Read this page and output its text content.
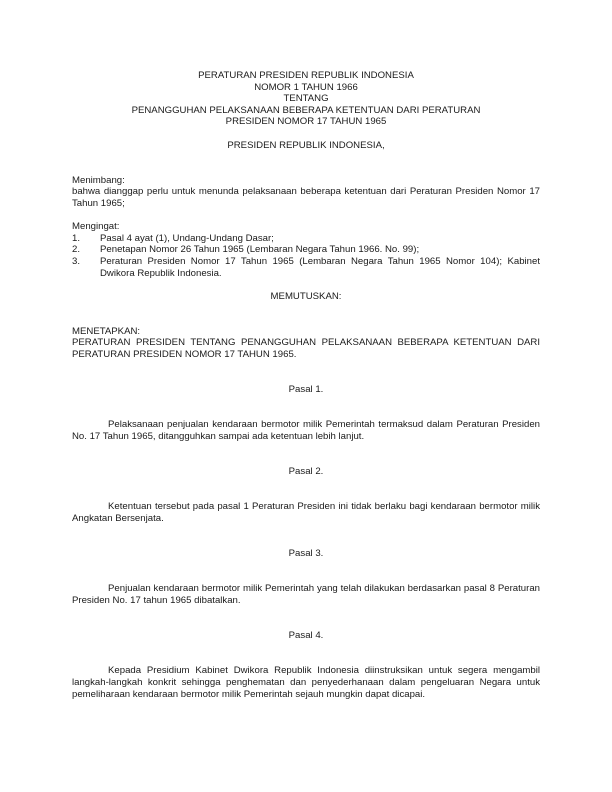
PERATURAN PRESIDEN REPUBLIK INDONESIA
NOMOR 1 TAHUN 1966
TENTANG
PENANGGUHAN PELAKSANAAN BEBERAPA KETENTUAN DARI PERATURAN
PRESIDEN NOMOR 17 TAHUN 1965
PRESIDEN REPUBLIK INDONESIA,
Menimbang:
bahwa dianggap perlu untuk menunda pelaksanaan beberapa ketentuan dari Peraturan Presiden Nomor 17 Tahun 1965;
Mengingat:
1.	Pasal 4 ayat (1), Undang-Undang Dasar;
2.	Penetapan Nomor 26 Tahun 1965 (Lembaran Negara Tahun 1966. No. 99);
3.	Peraturan Presiden Nomor 17 Tahun 1965 (Lembaran Negara Tahun 1965 Nomor 104); Kabinet Dwikora Republik Indonesia.
MEMUTUSKAN:
MENETAPKAN:
PERATURAN PRESIDEN TENTANG PENANGGUHAN PELAKSANAAN BEBERAPA KETENTUAN DARI PERATURAN PRESIDEN NOMOR 17 TAHUN 1965.
Pasal 1.
Pelaksanaan penjualan kendaraan bermotor milik Pemerintah termaksud dalam Peraturan Presiden No. 17 Tahun 1965, ditangguhkan sampai ada ketentuan lebih lanjut.
Pasal 2.
Ketentuan tersebut pada pasal 1 Peraturan Presiden ini tidak berlaku bagi kendaraan bermotor milik Angkatan Bersenjata.
Pasal 3.
Penjualan kendaraan bermotor milik Pemerintah yang telah dilakukan berdasarkan pasal 8 Peraturan Presiden No. 17 tahun 1965 dibatalkan.
Pasal 4.
Kepada Presidium Kabinet Dwikora Republik Indonesia diinstruksikan untuk segera mengambil langkah-langkah konkrit sehingga penghematan dan penyederhanaan dalam pengeluaran Negara untuk pemeliharaan kendaraan bermotor milik Pemerintah sejauh mungkin dapat dicapai.
